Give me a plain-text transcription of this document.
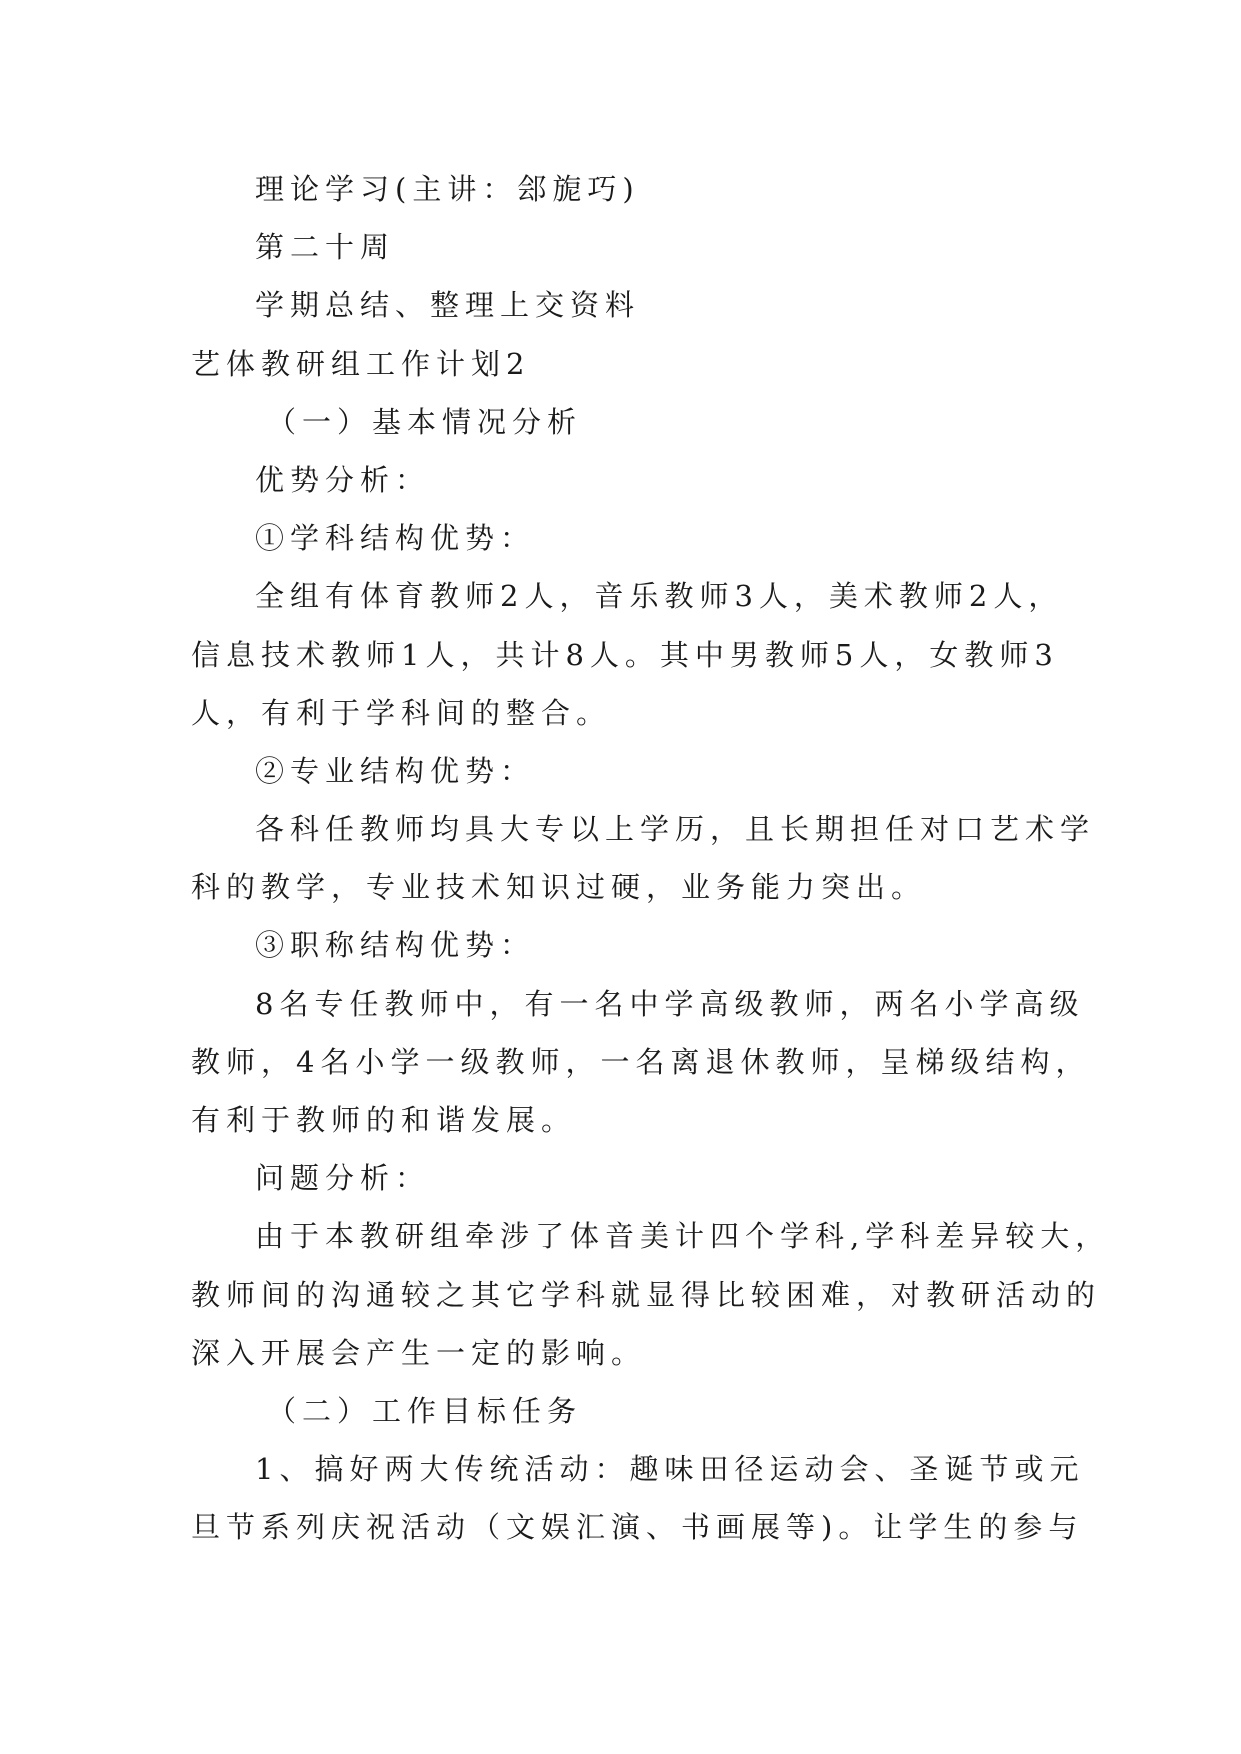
理论学习(主讲：郐旎巧)
第二十周
学期总结、整理上交资料
艺体教研组工作计划2
（一）基本情况分析
优势分析：
①学科结构优势：
全组有体育教师2人，音乐教师3人，美术教师2人，
信息技术教师1人，共计8人。其中男教师5人，女教师3
人，有利于学科间的整合。
②专业结构优势：
各科任教师均具大专以上学历，且长期担任对口艺术学
科的教学，专业技术知识过硬，业务能力突出。
③职称结构优势：
8名专任教师中，有一名中学高级教师，两名小学高级
教师，4名小学一级教师，一名离退休教师，呈梯级结构，
有利于教师的和谐发展。
问题分析：
由于本教研组牵涉了体音美计四个学科,学科差异较大，
教师间的沟通较之其它学科就显得比较困难，对教研活动的
深入开展会产生一定的影响。
（二）工作目标任务
1、搞好两大传统活动：趣味田径运动会、圣诞节或元
旦节系列庆祝活动（文娱汇演、书画展等)。让学生的参与
